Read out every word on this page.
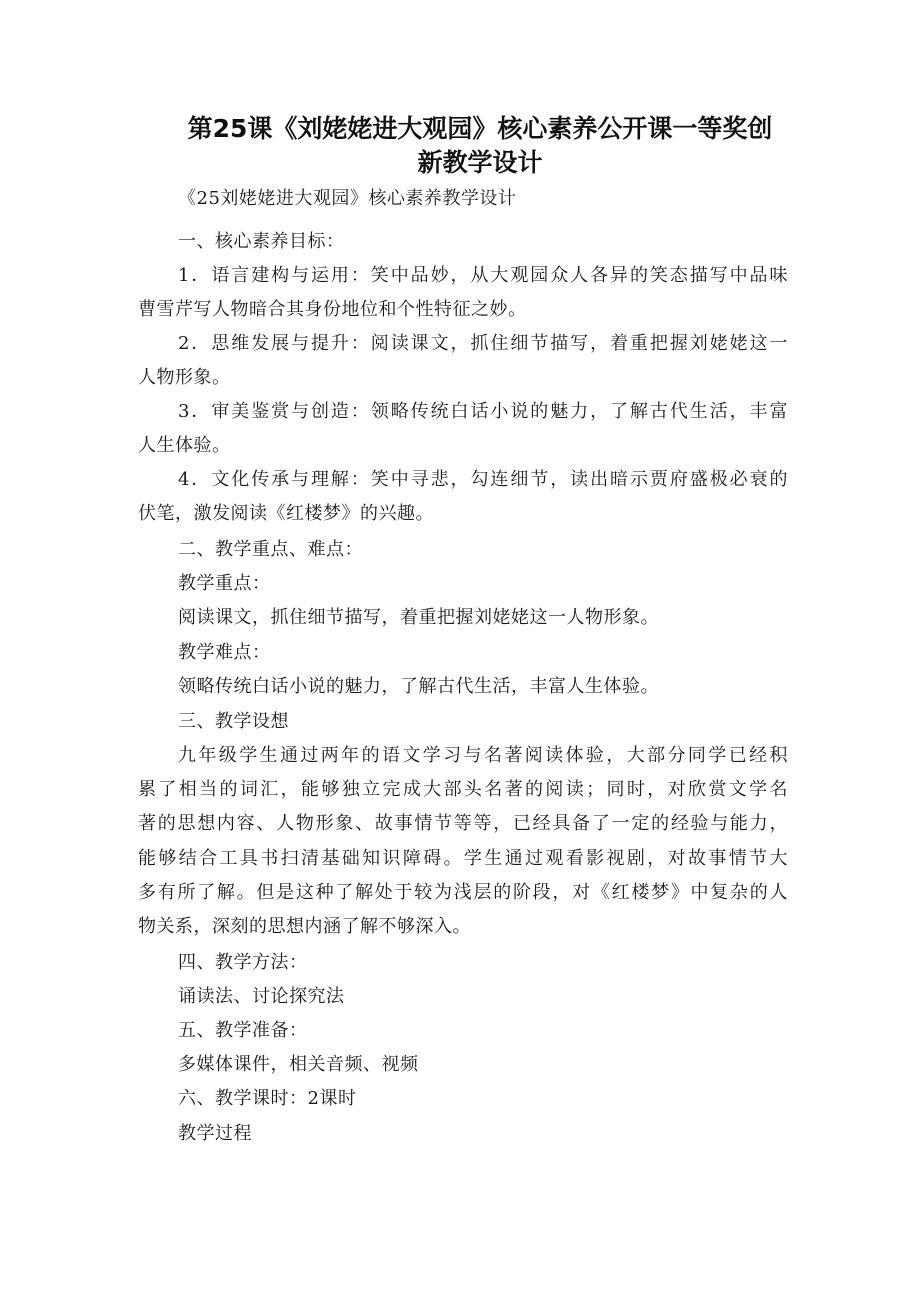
第25课《刘姥姥进大观园》核心素养公开课一等奖创
新教学设计

《25刘姥姥进大观园》核心素养教学设计

一、核心素养目标：

1．语言建构与运用：笑中品妙，从大观园众人各异的笑态描写中品味

曹雪芹写人物暗合其身份地位和个性特征之妙。

2．思维发展与提升：阅读课文，抓住细节描写，着重把握刘姥姥这一

人物形象。

3．审美鉴赏与创造：领略传统白话小说的魅力，了解古代生活，丰富

人生体验。

4．文化传承与理解：笑中寻悲，勾连细节，读出暗示贾府盛极必衰的

伏笔，激发阅读《红楼梦》的兴趣。

二、教学重点、难点：

教学重点：

阅读课文，抓住细节描写，着重把握刘姥姥这一人物形象。

教学难点：

领略传统白话小说的魅力，了解古代生活，丰富人生体验。

三、教学设想

九年级学生通过两年的语文学习与名著阅读体验，大部分同学已经积

累了相当的词汇，能够独立完成大部头名著的阅读；同时，对欣赏文学名

著的思想内容、人物形象、故事情节等等，已经具备了一定的经验与能力，

能够结合工具书扫清基础知识障碍。学生通过观看影视剧，对故事情节大

多有所了解。但是这种了解处于较为浅层的阶段，对《红楼梦》中复杂的人

物关系，深刻的思想内涵了解不够深入。

四、教学方法：

诵读法、讨论探究法

五、教学准备：

多媒体课件，相关音频、视频

六、教学课时：2课时

教学过程
